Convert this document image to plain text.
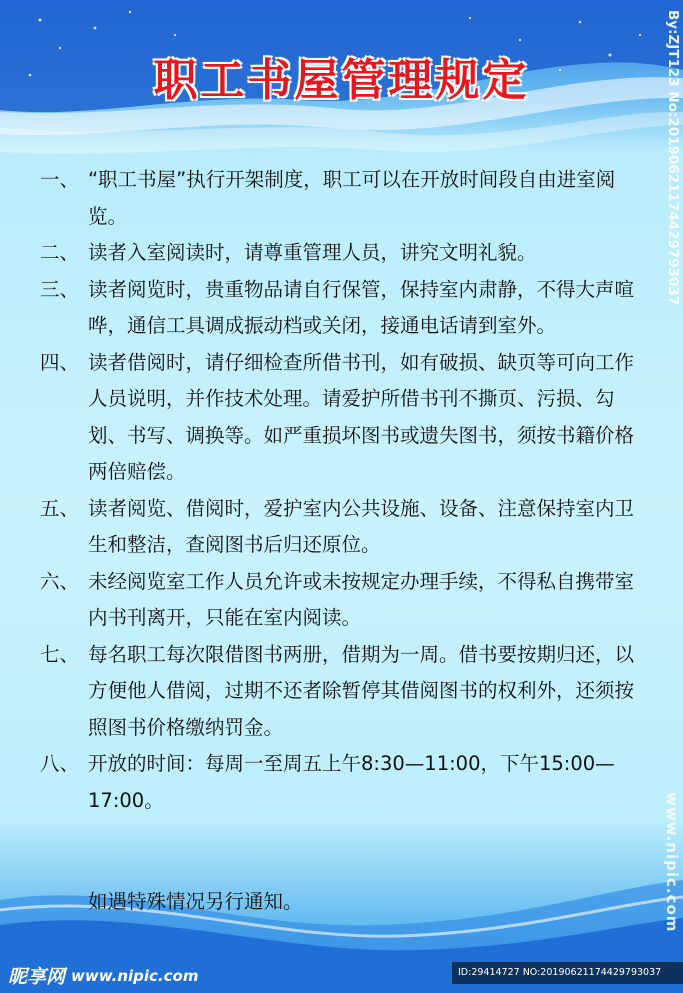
职工书屋管理规定
一、 “职工书屋”执行开架制度，职工可以在开放时间段自由进室阅览。
二、 读者入室阅读时，请尊重管理人员，讲究文明礼貌。
三、 读者阅览时，贵重物品请自行保管，保持室内肃静，不得大声喧哗，通信工具调成振动档或关闭，接通电话请到室外。
四、 读者借阅时，请仔细检查所借书刊，如有破损、缺页等可向工作人员说明，并作技术处理。请爱护所借书刊不撕页、污损、勾划、书写、调换等。如严重损坏图书或遗失图书，须按书籍价格两倍赔偿。
五、 读者阅览、借阅时，爱护室内公共设施、设备、注意保持室内卫生和整洁，查阅图书后归还原位。
六、 未经阅览室工作人员允许或未按规定办理手续，不得私自携带室内书刊离开，只能在室内阅读。
七、 每名职工每次限借图书两册，借期为一周。借书要按期归还，以方便他人借阅，过期不还者除暂停其借阅图书的权利外，还须按照图书价格缴纳罚金。
八、 开放的时间：每周一至周五上午8:30—11:00，下午15:00—17:00。
如遇特殊情况另行通知。
By:ZJT123 No:20190621174429793037
www.nipic.com
昵享网 www.nipic.com	ID:29414727 NO:20190621174429793037
